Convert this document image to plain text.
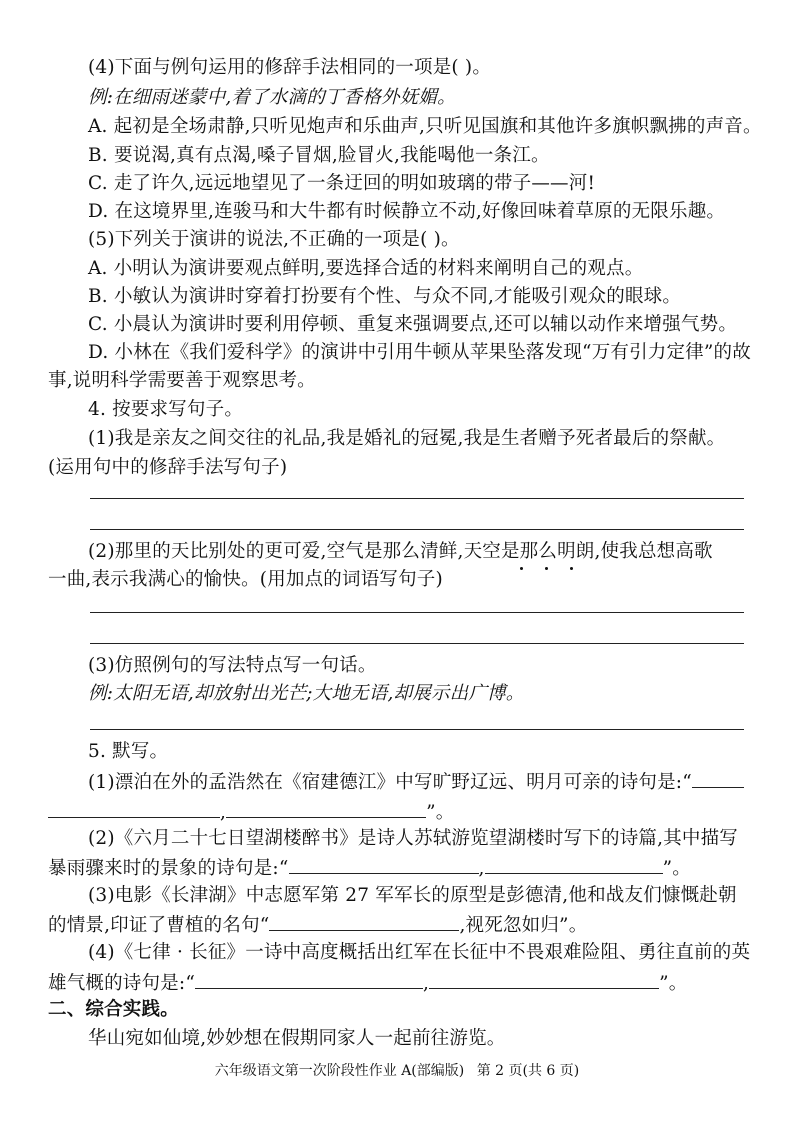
(4)下面与例句运用的修辞手法相同的一项是( )。
例:在细雨迷蒙中,着了水滴的丁香格外妩媚。
A. 起初是全场肃静,只听见炮声和乐曲声,只听见国旗和其他许多旗帜飘拂的声音。
B. 要说渴,真有点渴,嗓子冒烟,脸冒火,我能喝他一条江。
C. 走了许久,远远地望见了一条迂回的明如玻璃的带子——河!
D. 在这境界里,连骏马和大牛都有时候静立不动,好像回味着草原的无限乐趣。
(5)下列关于演讲的说法,不正确的一项是( )。
A. 小明认为演讲要观点鲜明,要选择合适的材料来阐明自己的观点。
B. 小敏认为演讲时穿着打扮要有个性、与众不同,才能吸引观众的眼球。
C. 小晨认为演讲时要利用停顿、重复来强调要点,还可以辅以动作来增强气势。
D. 小林在《我们爱科学》的演讲中引用牛顿从苹果坠落发现“万有引力定律”的故
事,说明科学需要善于观察思考。
4. 按要求写句子。
(1)我是亲友之间交往的礼品,我是婚礼的冠冕,我是生者赠予死者最后的祭献。
(运用句中的修辞手法写句子)
(2)那里的天比别处的更可爱,空气是那么清鲜,天空是那么明朗,使我总想高歌
一曲,表示我满心的愉快。(用加点的词语写句子)
(3)仿照例句的写法特点写一句话。
例:太阳无语,却放射出光芒;大地无语,却展示出广博。
5. 默写。
(1)漂泊在外的孟浩然在《宿建德江》中写旷野辽远、明月可亲的诗句是:“
,	”。
(2)《六月二十七日望湖楼醉书》是诗人苏轼游览望湖楼时写下的诗篇,其中描写
暴雨骤来时的景象的诗句是:“	,	”。
(3)电影《长津湖》中志愿军第 27 军军长的原型是彭德清,他和战友们慷慨赴朝
的情景,印证了曹植的名句“	,视死忽如归”。
(4)《七律 · 长征》一诗中高度概括出红军在长征中不畏艰难险阻、勇往直前的英
雄气概的诗句是:“	,	”。
二、综合实践。
华山宛如仙境,妙妙想在假期同家人一起前往游览。
六年级语文第一次阶段性作业 A(部编版) 第 2 页(共 6 页)
